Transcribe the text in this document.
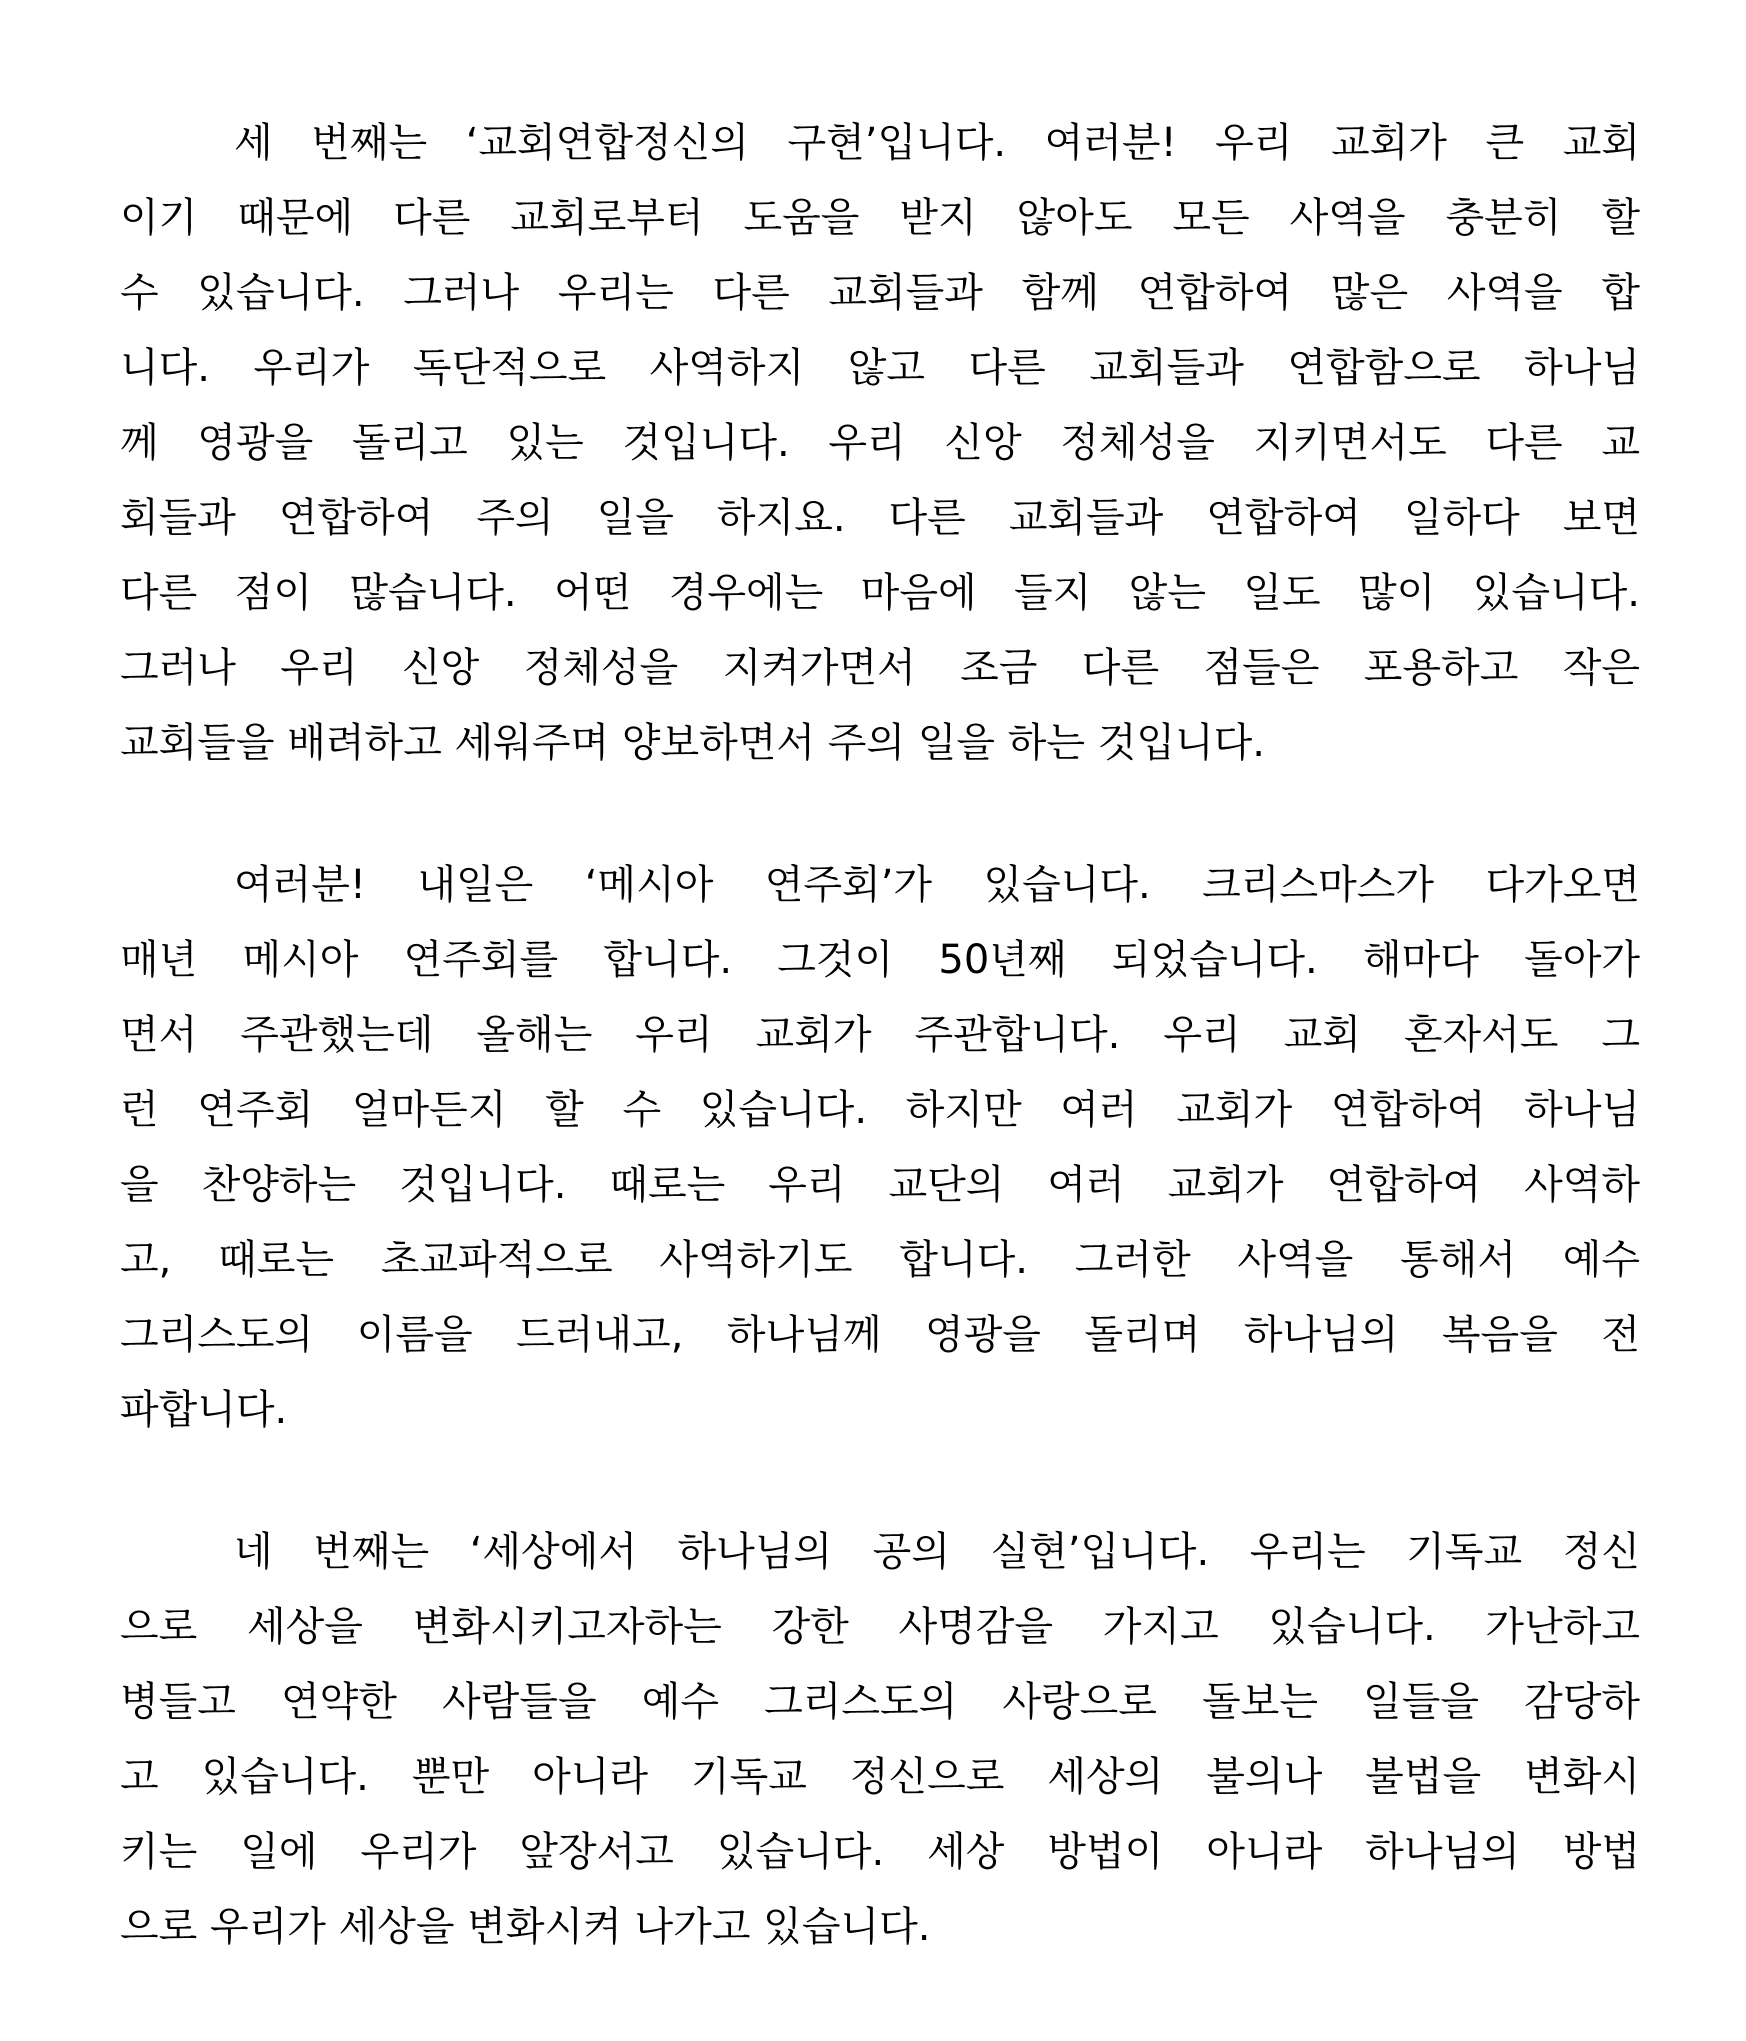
세 번째는 ‘교회연합정신의 구현’입니다. 여러분! 우리 교회가 큰 교회
이기 때문에 다른 교회로부터 도움을 받지 않아도 모든 사역을 충분히 할
수 있습니다. 그러나 우리는 다른 교회들과 함께 연합하여 많은 사역을 합
니다. 우리가 독단적으로 사역하지 않고 다른 교회들과 연합함으로 하나님
께 영광을 돌리고 있는 것입니다. 우리 신앙 정체성을 지키면서도 다른 교
회들과 연합하여 주의 일을 하지요. 다른 교회들과 연합하여 일하다 보면
다른 점이 많습니다. 어떤 경우에는 마음에 들지 않는 일도 많이 있습니다.
그러나 우리 신앙 정체성을 지켜가면서 조금 다른 점들은 포용하고 작은
교회들을 배려하고 세워주며 양보하면서 주의 일을 하는 것입니다.
여러분! 내일은 ‘메시아 연주회’가 있습니다. 크리스마스가 다가오면
매년 메시아 연주회를 합니다. 그것이 50년째 되었습니다. 해마다 돌아가
면서 주관했는데 올해는 우리 교회가 주관합니다. 우리 교회 혼자서도 그
런 연주회 얼마든지 할 수 있습니다. 하지만 여러 교회가 연합하여 하나님
을 찬양하는 것입니다. 때로는 우리 교단의 여러 교회가 연합하여 사역하
고, 때로는 초교파적으로 사역하기도 합니다. 그러한 사역을 통해서 예수
그리스도의 이름을 드러내고, 하나님께 영광을 돌리며 하나님의 복음을 전
파합니다.
네 번째는 ‘세상에서 하나님의 공의 실현’입니다. 우리는 기독교 정신
으로 세상을 변화시키고자하는 강한 사명감을 가지고 있습니다. 가난하고
병들고 연약한 사람들을 예수 그리스도의 사랑으로 돌보는 일들을 감당하
고 있습니다. 뿐만 아니라 기독교 정신으로 세상의 불의나 불법을 변화시
키는 일에 우리가 앞장서고 있습니다. 세상 방법이 아니라 하나님의 방법
으로 우리가 세상을 변화시켜 나가고 있습니다.
